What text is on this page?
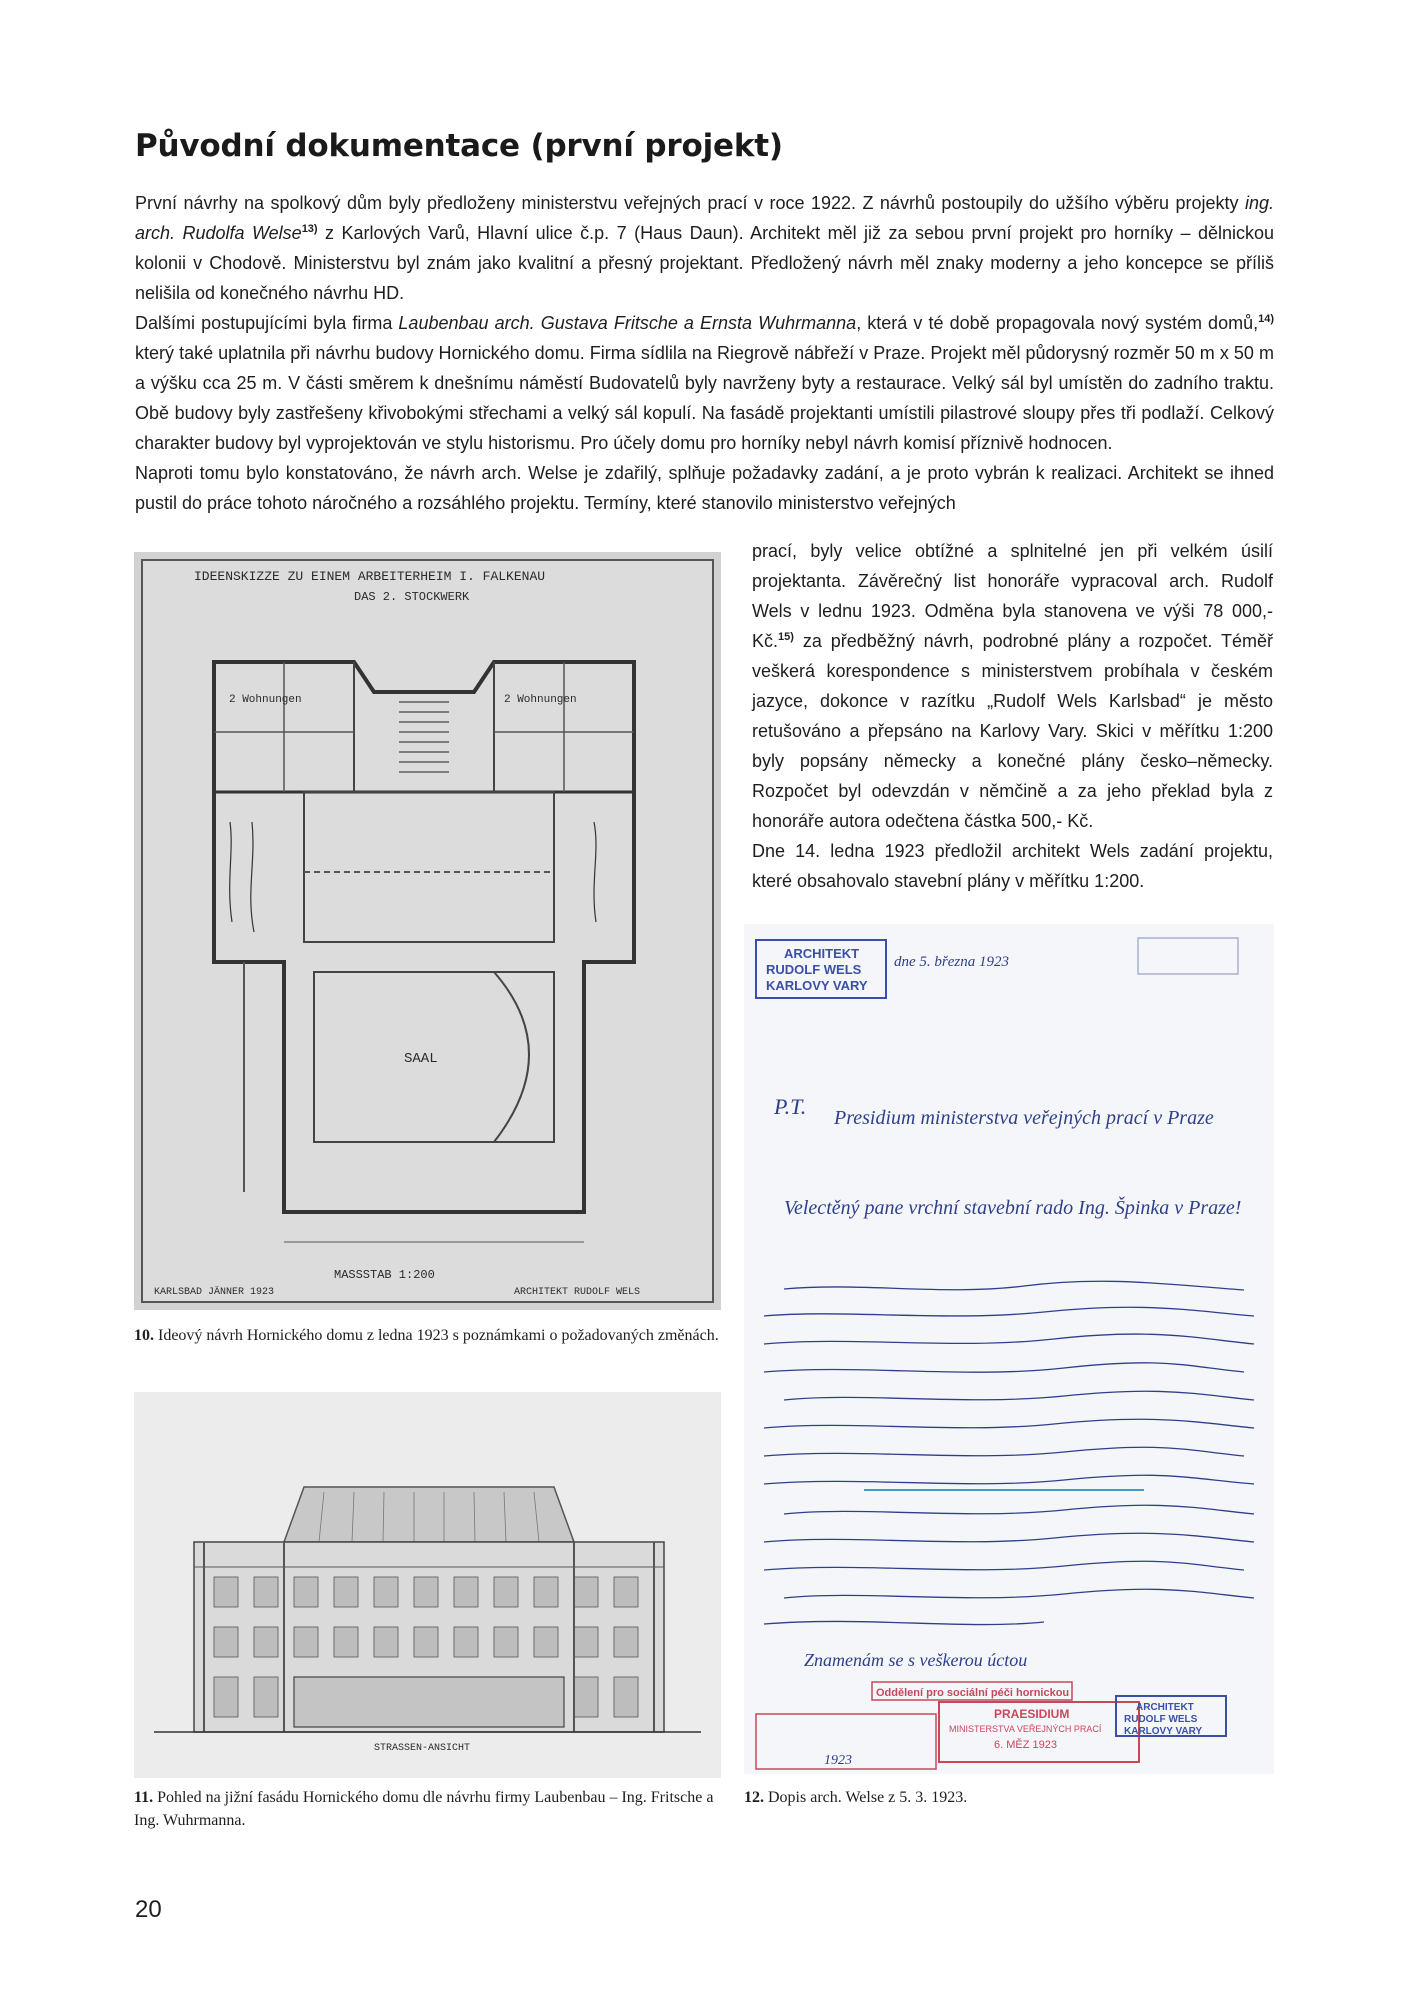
Původní dokumentace (první projekt)

První návrhy na spolkový dům byly předloženy ministerstvu veřejných prací v roce 1922. Z návrhů postoupily do užšího výběru projekty ing. arch. Rudolfa Welse$^{13)}$ z Karlových Varů, Hlavní ulice č.p. 7 (Haus Daun). Architekt měl již za sebou první projekt pro horníky – dělnickou kolonii v Chodově. Ministerstvu byl znám jako kvalitní a přesný projektant. Předložený návrh měl znaky moderny a jeho koncepce se příliš nelišila od konečného návrhu HD.

Dalšími postupujícími byla firma Laubenbau arch. Gustava Fritsche a Ernsta Wuhrmanna, která v té době propagovala nový systém domů,$^{14)}$ který také uplatnila při návrhu budovy Hornického domu. Firma sídlila na Riegrově nábřeží v Praze. Projekt měl půdorysný rozměr 50 m x 50 m a výšku cca 25 m. V části směrem k dnešnímu náměstí Budovatelů byly navrženy byty a restaurace. Velký sál byl umístěn do zadního traktu. Obě budovy byly zastřešeny křivobokými střechami a velký sál kopulí. Na fasádě projektanti umístili pilastrové sloupy přes tři podlaží. Celkový charakter budovy byl vyprojektován ve stylu historismu. Pro účely domu pro horníky nebyl návrh komisí příznivě hodnocen.

Naproti tomu bylo konstatováno, že návrh arch. Welse je zdařilý, splňuje požadavky zadání, a je proto vybrán k realizaci. Architekt se ihned pustil do práce tohoto náročného a rozsáhlého projektu. Termíny, které stanovilo ministerstvo veřejných

prací, byly velice obtížné a splnitelné jen při velkém úsilí projektanta. Závěrečný list honoráře vypracoval arch. Rudolf Wels v lednu 1923. Odměna byla stanovena ve výši 78 000,- Kč.$^{15)}$ za předběžný návrh, podrobné plány a rozpočet. Téměř veškerá korespondence s ministerstvem probíhala v českém jazyce, dokonce v razítku „Rudolf Wels Karlsbad“ je město retušováno a přepsáno na Karlovy Vary. Skici v měřítku 1:200 byly popsány německy a konečné plány česko–německy. Rozpočet byl odevzdán v němčině a za jeho překlad byla z honoráře autora odečtena částka 500,- Kč.

Dne 14. ledna 1923 předložil architekt Wels zadání projektu, které obsahovalo stavební plány v měřítku 1:200.

IDEENSKIZZE ZU EINEM ARBEITERHEIM I. FALKENAU
DAS 2. STOCKWERK
2 Wohnungen	2 Wohnungen
SAAL
MASSSTAB 1:200
KARLSBAD JÄNNER 1923	ARCHITEKT RUDOLF WELS

10. Ideový návrh Hornického domu z ledna 1923 s poznámkami o požadovaných změnách.

STRASSEN-ANSICHT

11. Pohled na jižní fasádu Hornického domu dle návrhu firmy Laubenbau – Ing. Fritsche a Ing. Wuhrmanna.

ARCHITEKT
RUDOLF WELS
KARLOVY VARY
dne 5. března 1923
P.T. Presidium ministerstva veřejných prací v Praze
Velectěný pane vrchní stavební rado Ing. Špinka v Praze!
Znamenám se s veškerou úctou
Oddělení pro sociální péči hornickou
PRAESIDIUM
MINISTERSTVA VEŘEJNÝCH PRACÍ
6. MĚZ 1923
1923
ARCHITEKT
RUDOLF WELS
KARLOVY VARY

12. Dopis arch. Welse z 5. 3. 1923.

20
